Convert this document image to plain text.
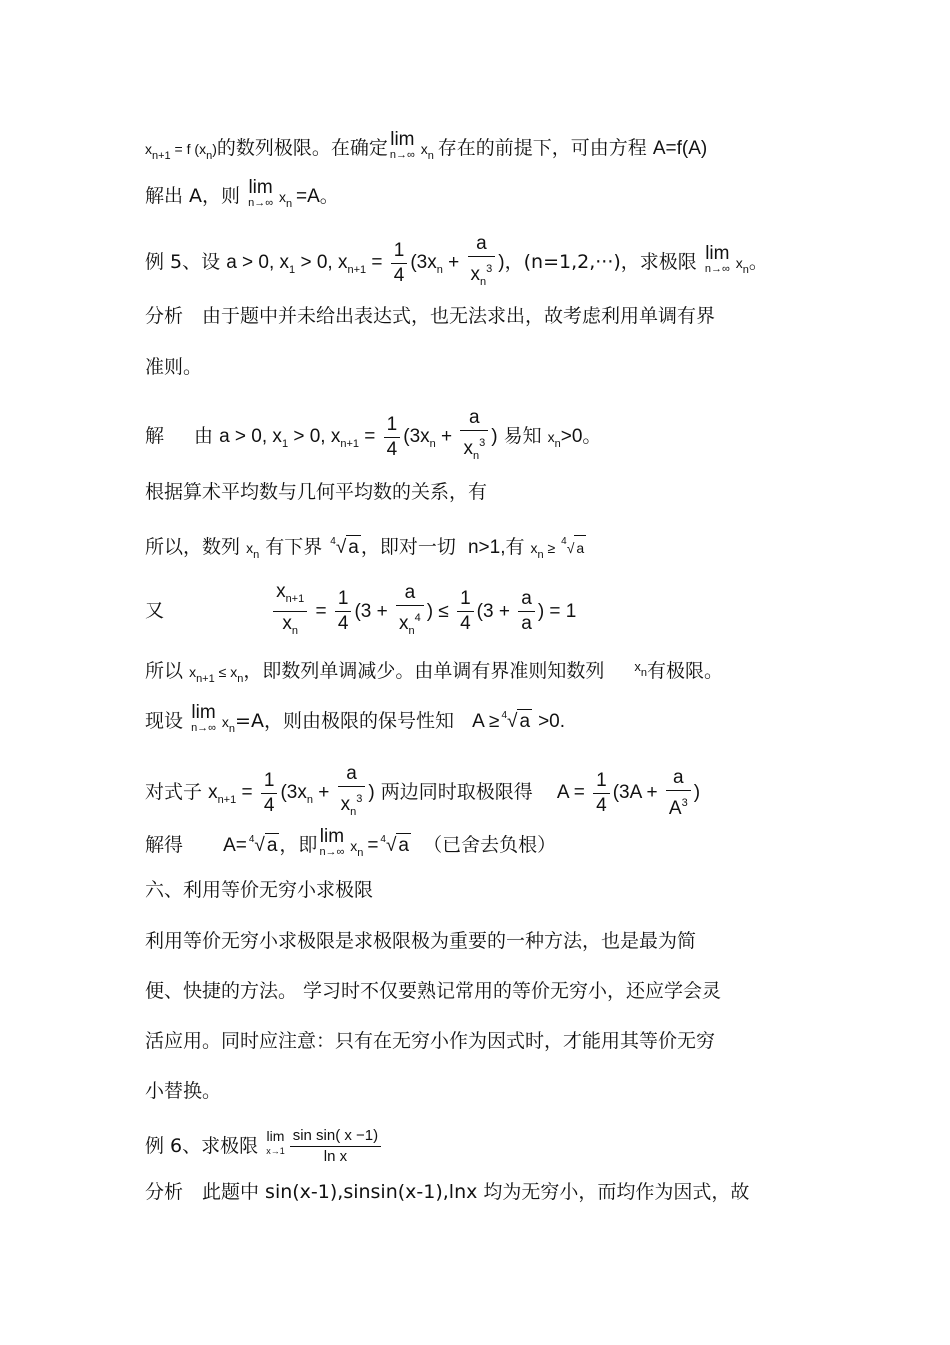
$x_{n+1} = f$ $(x_n)$的数列极限。在确定 lim
n→∞ $x_n$ 存在的前提下，可由方程 A=f(A)
解出 A，则 lim
n→∞ $x_n =A$。
例 5、设 a > 0, $x_1 > 0$, $x_{n+1} = \frac{1}{4} (3x_n + \frac{a}{x_n^3}$ )，(n=1,2,···)，求极限 lim
n→∞ $x_n$。
分析　由于题中并未给出表达式，也无法求出，故考虑利用单调有界
准则。
解 由 a > 0, $x_1 > 0$, $x_{n+1} = \frac{1}{4} (3x_n + \frac{a}{x_n^3}$ ) 易知 $x_n>0$。
根据算术平均数与几何平均数的关系，有
所以，数列 $x_n$ 有下界 $^4$√ a ，即对一切 n>1,有 $x_n \ge ^4√$ a
又	$\frac{x_{n+1}}{x_n} = \frac{1}{4} (3 + \frac{a}{x_n^4}$ ) ≤ $\frac{1}{4} (3 + \frac{a}{a}$ ) = 1
所以 $x_{n+1} \le x_n$，即数列单调减少。由单调有界准则知数列 $^{x_n}$有极限。
现设 lim
n→∞ $x_n=A$，则由极限的保号性知 A ≥ $^4$√ a >0.
对式子 $x_{n+1} = \frac{1}{4} (3x_n + \frac{a}{x_n^3}$ ) 两边同时取极限得 $A = \frac{1}{4} (3A + \frac{a}{A^3}$ )
解得 A= $^4$√ a ，即 lim
n→∞ $x_n = ^4√$ a （已舍去负根）
六、利用等价无穷小求极限
利用等价无穷小求极限是求极限极为重要的一种方法，也是最为简
便、快捷的方法。 学习时不仅要熟记常用的等价无穷小，还应学会灵
活应用。同时应注意：只有在无穷小作为因式时，才能用其等价无穷
小替换。
例 6、求极限 lim
$x\to 1 \frac{\text{sin sin( x −1)}}{\text{ln x}}$
分析　此题中 sin(x-1),sinsin(x-1),lnx 均为无穷小，而均作为因式，故
